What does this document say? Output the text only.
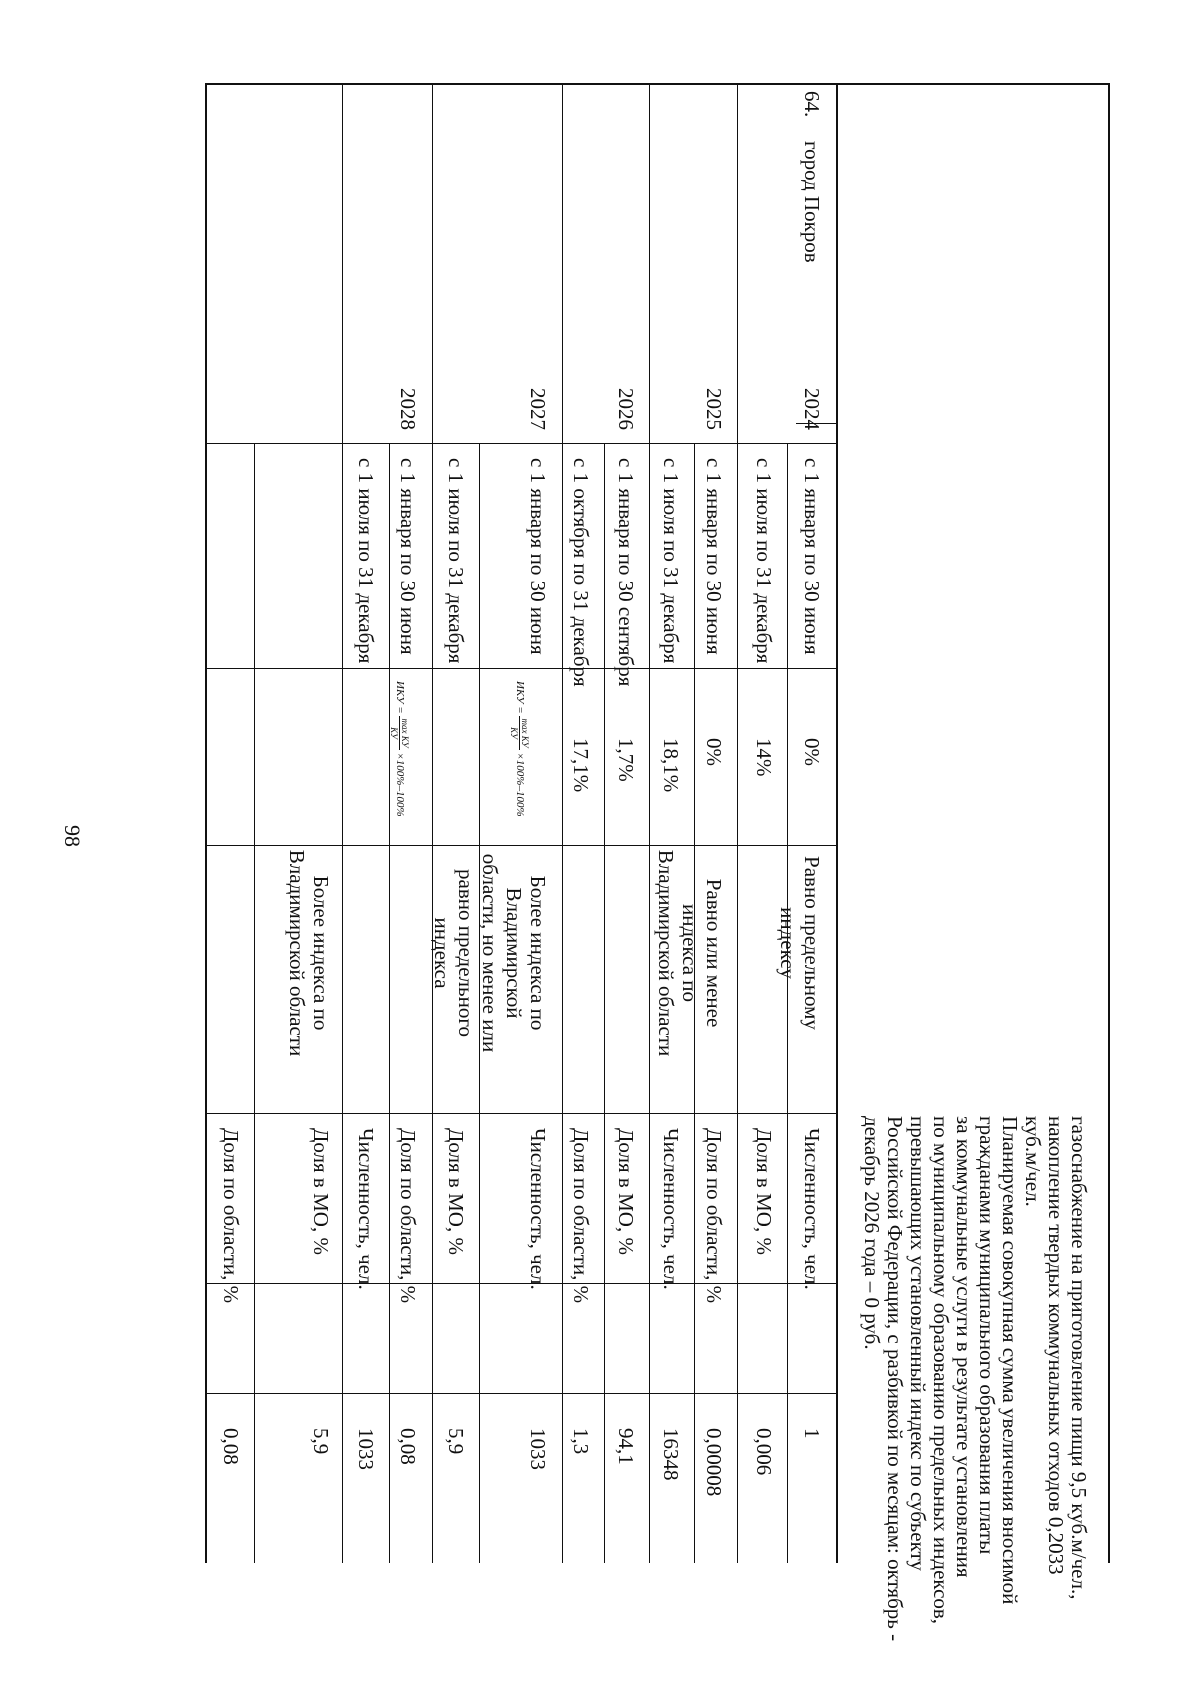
98
газоснабжение на приготовление пищи 9,5 куб.м/чел.,
накопление твердых коммунальных отходов 0,2033
куб.м/чел.
Планируемая совокупная сумма увеличения вносимой
гражданами муниципального образования платы
за коммунальные услуги в результате установления
по муниципальному образованию предельных индексов,
превышающих установленный индекс по субъекту
Российской Федерации, с разбивкой по месяцам: октябрь -
декабрь 2026 года – 0 руб.
64.
город Покров
2024
2025
2026
2027
2028
с 1 января по 30 июня
с 1 июля по 31 декабря
с 1 января по 30 июня
с 1 июля по 31 декабря
с 1 января по 30 сентября
с 1 октября по 31 декабря
с 1 января по 30 июня
с 1 июля по 31 декабря
с 1 января по 30 июня
с 1 июля по 31 декабря
0%
14%
0%
18,1%
1,7%
17,1%
ИКУ =
max КУ
КУ
×100%–100%
ИКУ =
max КУ
КУ
×100%–100%
Равно предельному индексу
Равно или менее индекса по Владимирской области
Более индекса по Владимирской области, но менее или равно предельного индекса
Более индекса по Владимирской области
Численность, чел.
Доля в МО, %
Доля по области, %
Численность, чел.
Доля в МО, %
Доля по области, %
Численность, чел.
Доля в МО, %
Доля по области, %
Численность, чел.
Доля в МО, %
Доля по области, %
1
0,006
0,00008
16348
94,1
1,3
1033
5,9
0,08
1033
5,9
0,08
